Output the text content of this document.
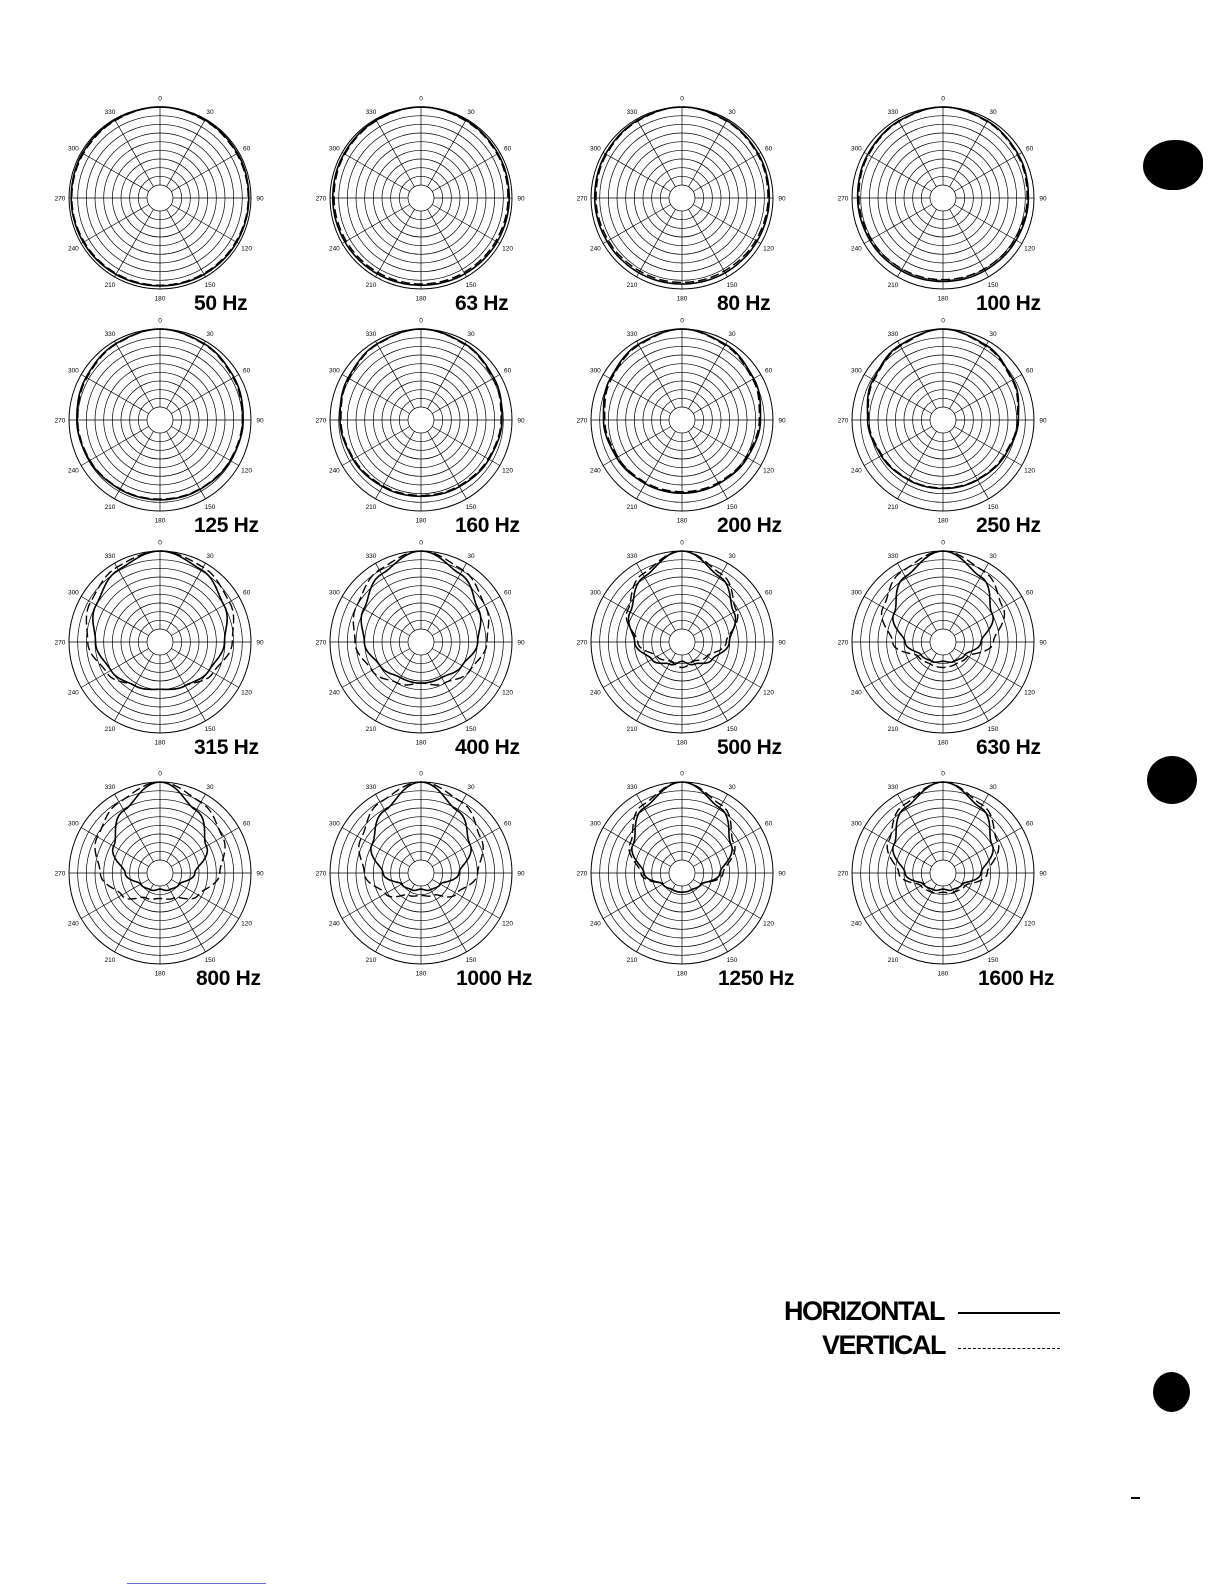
0
30
60
90
120
150
180
210
240
270
300
330
0
30
60
90
120
150
180
210
240
270
300
330
0
30
60
90
120
150
180
210
240
270
300
330
0
30
60
90
120
150
180
210
240
270
300
330
0
30
60
90
120
150
180
210
240
270
300
330
0
30
60
90
120
150
180
210
240
270
300
330
0
30
60
90
120
150
180
210
240
270
300
330
0
30
60
90
120
150
180
210
240
270
300
330
0
30
60
90
120
150
180
210
240
270
300
330
0
30
60
90
120
150
180
210
240
270
300
330
0
30
60
90
120
150
180
210
240
270
300
330
0
30
60
90
120
150
180
210
240
270
300
330
0
30
60
90
120
150
180
210
240
270
300
330
0
30
60
90
120
150
180
210
240
270
300
330
0
30
60
90
120
150
180
210
240
270
300
330
0
30
60
90
120
150
180
210
240
270
300
330
50 Hz	63 Hz	80 Hz	100 Hz
125 Hz	160 Hz	200 Hz	250 Hz
315 Hz	400 Hz	500 Hz	630 Hz
800 Hz	1000 Hz	1250 Hz	1600 Hz
HORIZONTAL
VERTICAL
